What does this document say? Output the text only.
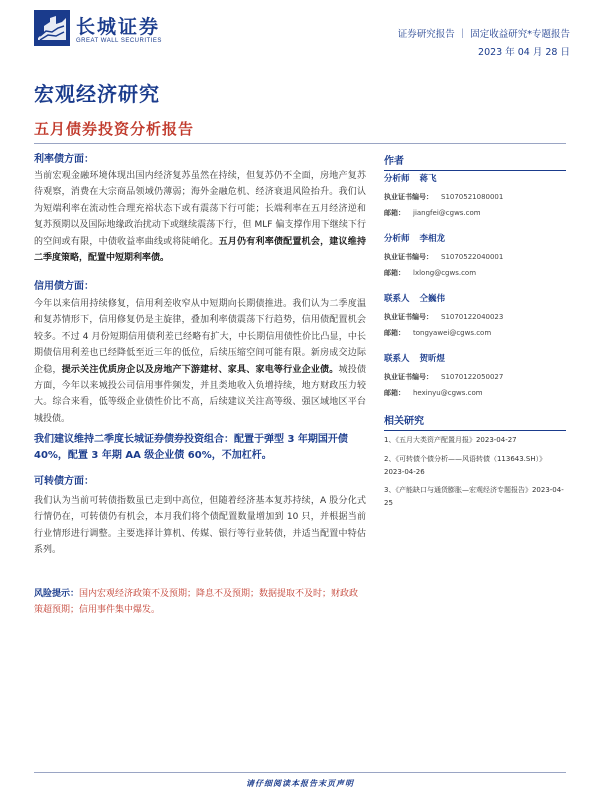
长城证券
GREAT WALL SECURITIES
证券研究报告 ｜ 固定收益研究*专题报告
2023 年 04 月 28 日
宏观经济研究
五月债券投资分析报告
利率债方面：
当前宏观金融环境体现出国内经济复苏虽然在持续，但复苏仍不全面，房地产复苏待观察，消费在大宗商品领域仍薄弱；海外金融危机、经济衰退风险抬升。我们认为短端利率在流动性合理充裕状态下或有震荡下行可能；长端利率在五月经济逆和复苏预期以及国际地缘政治扰动下或继续震荡下行，但 MLF 偏支撑作用下继续下行的空间或有限，中债收益率曲线或将陡峭化。五月仍有利率债配置机会，建议维持二季度策略，配置中短期利率债。
信用债方面：
今年以来信用持续修复，信用利差收窄从中短期向长期债推进。我们认为二季度温和复苏情形下，信用修复仍是主旋律，叠加利率债震荡下行趋势，信用债配置机会较多。不过 4 月份短期信用债利差已经略有扩大，中长期信用债性价比凸显，中长期债信用利差也已经降低至近三年的低位，后续压缩空间可能有限。新房成交边际企稳，提示关注优质房企以及房地产下游建材、家具、家电等行业企业债。城投债方面，今年以来城投公司信用事件频发，并且类地收入负增持续，地方财政压力较大。综合来看，低等级企业债性价比不高，后续建议关注高等级、强区域地区平台城投债。
我们建议维持二季度长城证券债券投资组合：配置于弹型 3 年期国开债 40%，配置 3 年期 AA 级企业债 60%，不加杠杆。
可转债方面：
我们认为当前可转债指数虽已走到中高位，但随着经济基本复苏持续，A 股分化式行情仍在，可转债仍有机会，本月我们将个债配置数量增加到 10 只，并根据当前行业情形进行调整。主要选择计算机、传媒、银行等行业转债，并适当配置中特估系列。
风险提示：国内宏观经济政策不及预期；降息不及预期；数据提取不及时；财政政策超预期；信用事件集中爆发。
作者
分析师 蒋飞
执业证书编号： S1070521080001
邮箱： jiangfei@cgws.com
分析师 李相龙
执业证书编号： S1070522040001
邮箱： lxlong@cgws.com
联系人 仝巍伟
执业证书编号： S1070122040023
邮箱： tongyawei@cgws.com
联系人 贺昕煜
执业证书编号： S1070122050027
邮箱： hexinyu@cgws.com
相关研究
1、《五月大类资产配置月报》2023-04-27
2、《可转债个债分析——风语转债（113643.SH）》2023-04-26
3、《产能缺口与通货膨胀—宏观经济专题报告》2023-04-25
请仔细阅读本报告末页声明
